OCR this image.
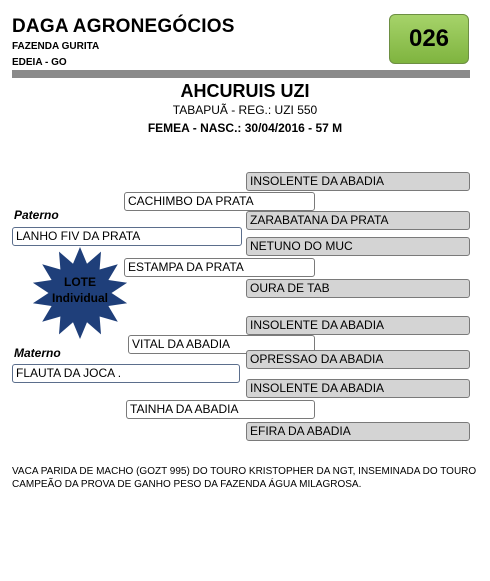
DAGA AGRONEGÓCIOS
FAZENDA GURITA
EDEIA - GO
026
AHCURUIS UZI
TABAPUÃ - REG.: UZI 550
FEMEA - NASC.: 30/04/2016 - 57 M
INSOLENTE DA ABADIA
CACHIMBO DA PRATA
Paterno	ZARABATANA DA PRATA
LANHO FIV DA PRATA
NETUNO DO MUC
ESTAMPA DA PRATA
OURA DE TAB
LOTE
Individual
INSOLENTE DA ABADIA
VITAL DA ABADIA
Materno	OPRESSAO DA ABADIA
FLAUTA DA JOCA .
INSOLENTE DA ABADIA
TAINHA DA ABADIA
EFIRA DA ABADIA
VACA PARIDA DE MACHO (GOZT 995) DO TOURO KRISTOPHER DA NGT, INSEMINADA DO TOURO CAMPEÃO DA PROVA DE GANHO PESO DA FAZENDA ÁGUA MILAGROSA.
